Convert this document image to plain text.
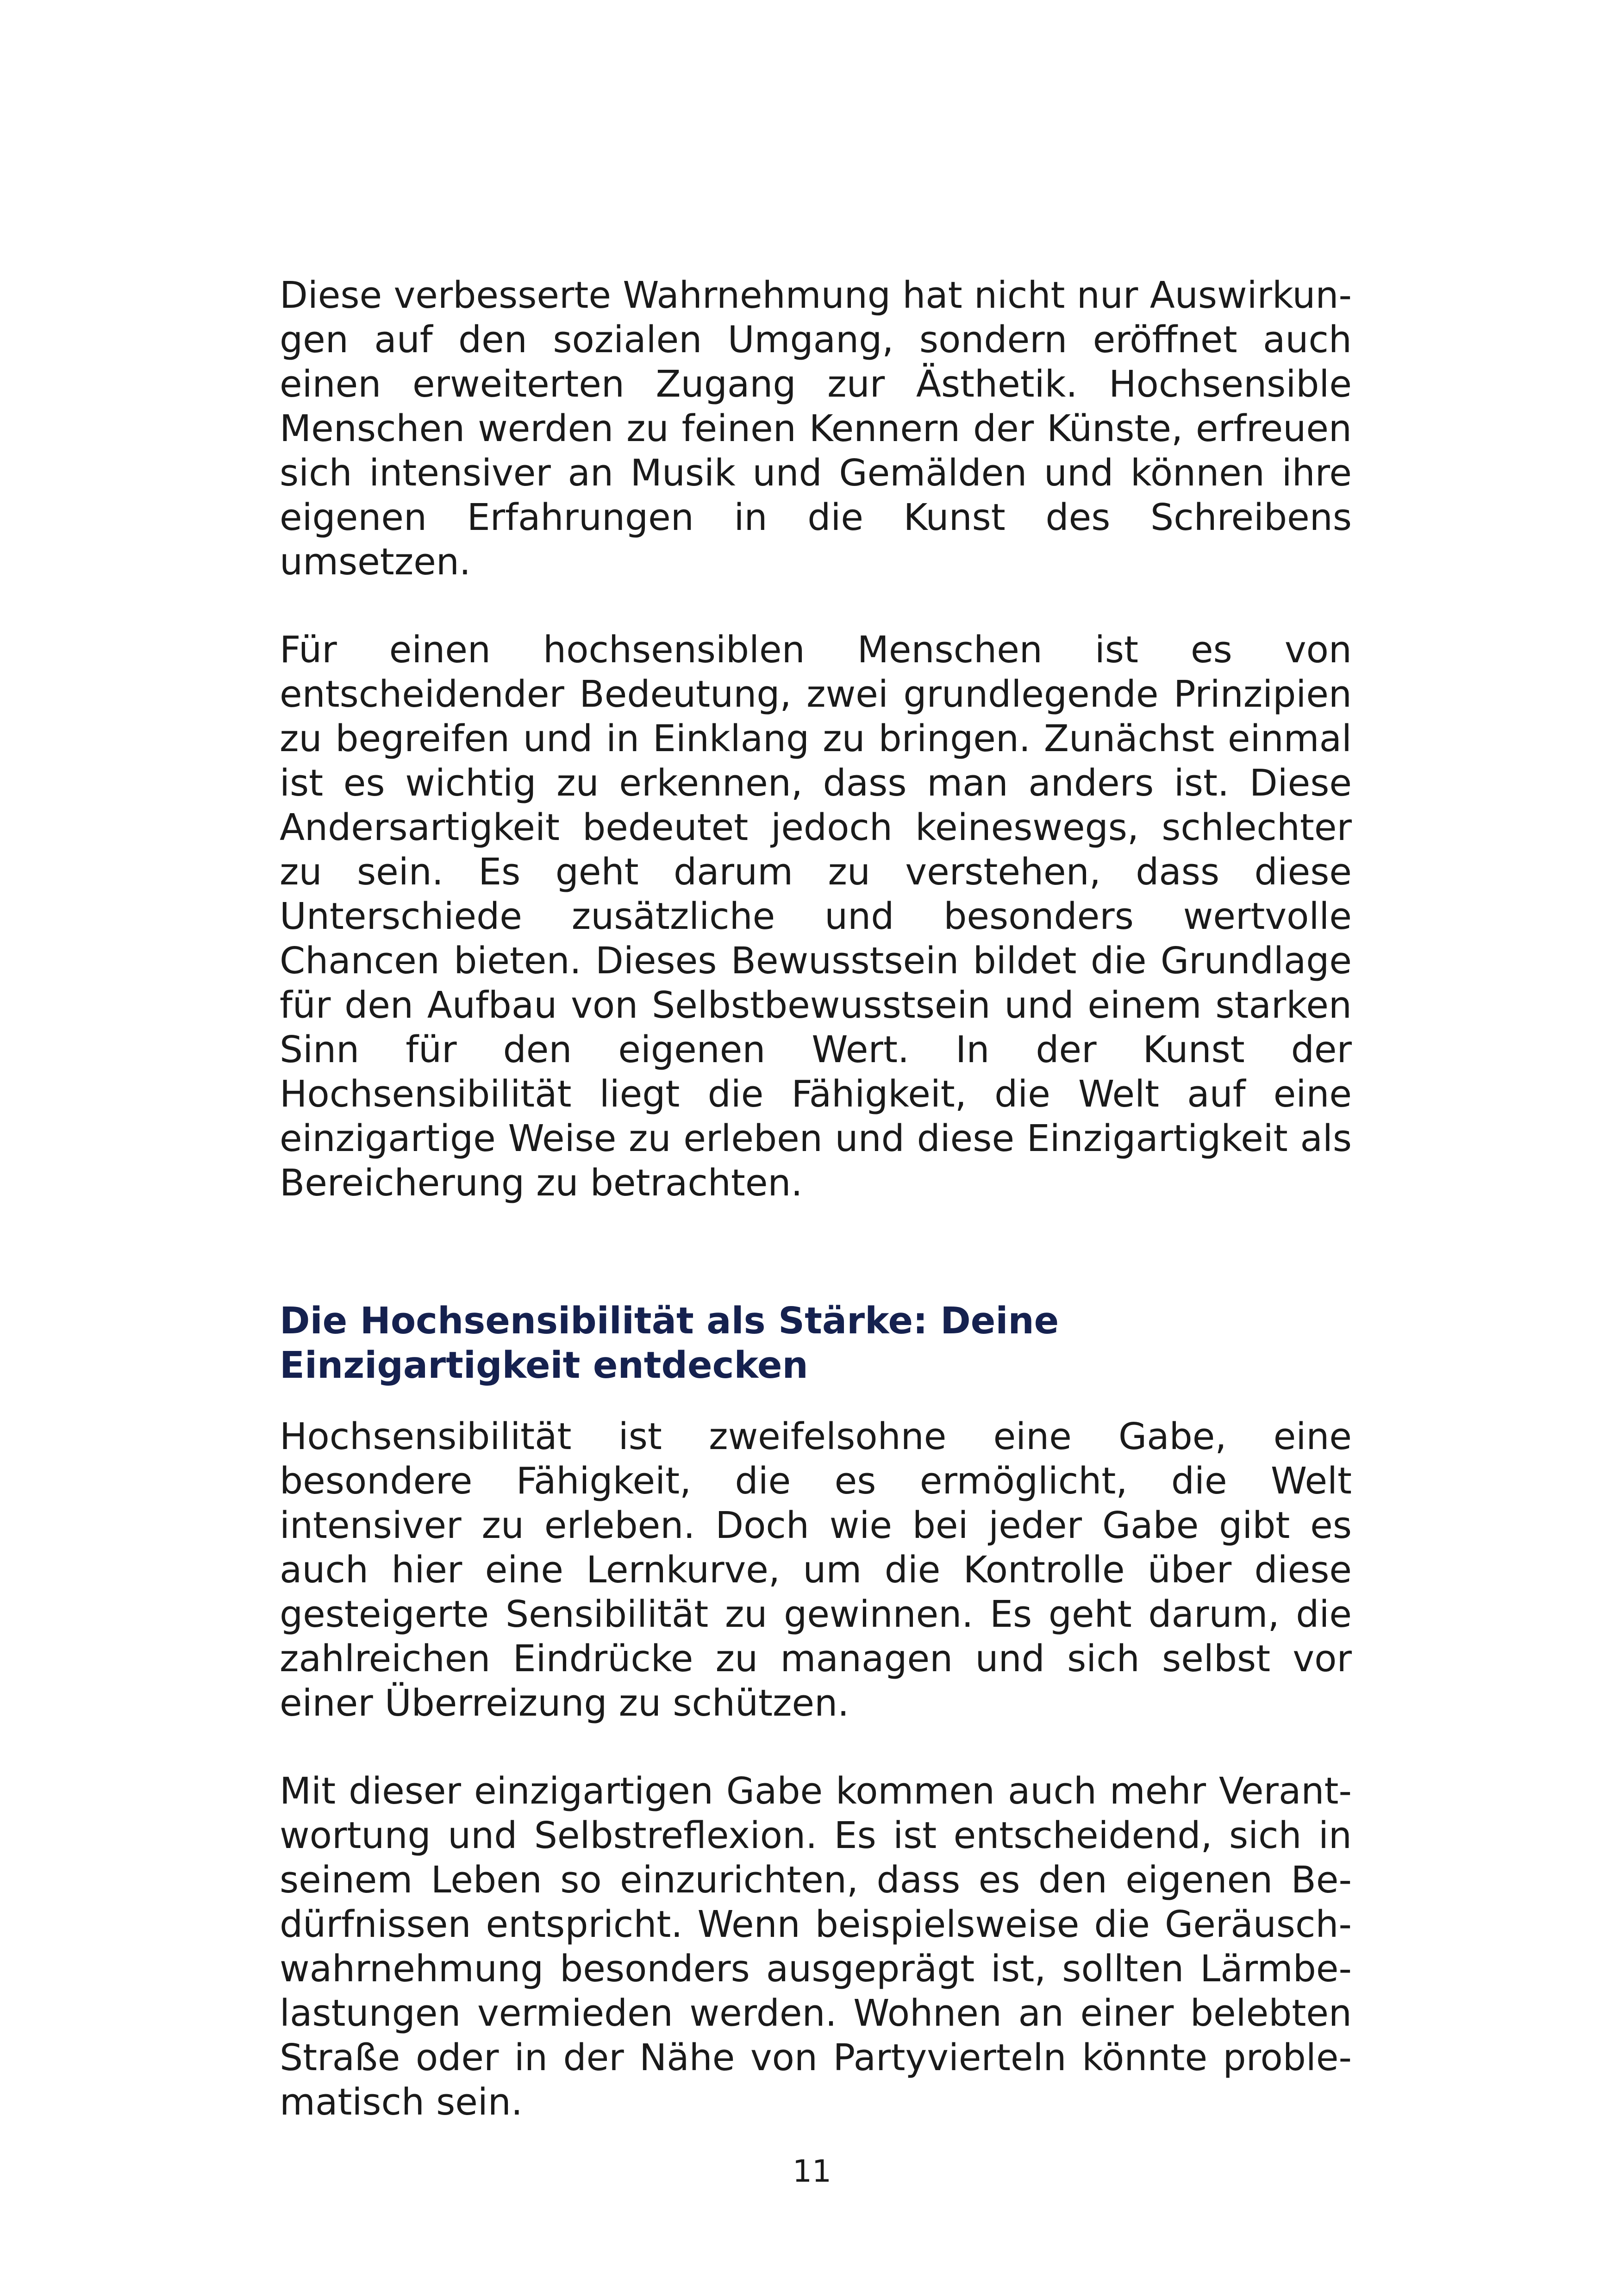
Diese verbesserte Wahrnehmung hat nicht nur Auswirkungen auf den sozialen Umgang, sondern eröffnet auch einen erweiterten Zugang zur Ästhetik. Hochsensible Menschen werden zu feinen Kennern der Künste, erfreuen sich intensiver an Musik und Gemälden und können ihre eigenen Erfahrungen in die Kunst des Schreibens umsetzen.

Für einen hochsensiblen Menschen ist es von entscheidender Bedeutung, zwei grundlegende Prinzipien zu begreifen und in Einklang zu bringen. Zunächst einmal ist es wichtig zu erkennen, dass man anders ist. Diese Andersartigkeit bedeutet jedoch keineswegs, schlechter zu sein. Es geht darum zu verstehen, dass diese Unterschiede zusätzliche und besonders wertvolle Chancen bieten. Dieses Bewusstsein bildet die Grundlage für den Aufbau von Selbstbewusstsein und einem starken Sinn für den eigenen Wert. In der Kunst der Hochsensibilität liegt die Fähigkeit, die Welt auf eine einzigartige Weise zu erleben und diese Einzigartigkeit als Bereicherung zu betrachten.

Die Hochsensibilität als Stärke: Deine Einzigartigkeit entdecken

Hochsensibilität ist zweifelsohne eine Gabe, eine besondere Fähigkeit, die es ermöglicht, die Welt intensiver zu erleben. Doch wie bei jeder Gabe gibt es auch hier eine Lernkurve, um die Kontrolle über diese gesteigerte Sensibilität zu gewinnen. Es geht darum, die zahlreichen Eindrücke zu managen und sich selbst vor einer Überreizung zu schützen.

Mit dieser einzigartigen Gabe kommen auch mehr Verantwortung und Selbstreflexion. Es ist entscheidend, sich in seinem Leben so einzurichten, dass es den eigenen Bedürfnissen entspricht. Wenn beispielsweise die Geräuschwahrnehmung besonders ausgeprägt ist, sollten Lärmbelastungen vermieden werden. Wohnen an einer belebten Straße oder in der Nähe von Partyvierteln könnte problematisch sein.

11
